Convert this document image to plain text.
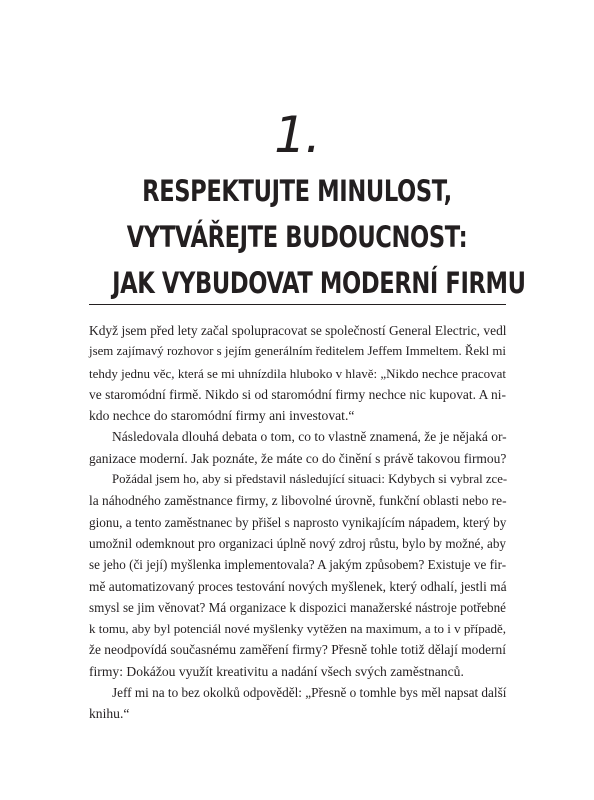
1.
RESPEKTUJTE MINULOST,
VYTVÁŘEJTE BUDOUCNOST:
JAK VYBUDOVAT MODERNÍ FIRMU
Když jsem před lety začal spolupracovat se společností General Electric, vedl
jsem zajímavý rozhovor s jejím generálním ředitelem Jeffem Immeltem. Řekl mi
tehdy jednu věc, která se mi uhnízdila hluboko v hlavě: „Nikdo nechce pracovat
ve staromódní firmě. Nikdo si od staromódní firmy nechce nic kupovat. A ni-
kdo nechce do staromódní firmy ani investovat.“
Následovala dlouhá debata o tom, co to vlastně znamená, že je nějaká or-
ganizace moderní. Jak poznáte, že máte co do činění s právě takovou firmou?
Požádal jsem ho, aby si představil následující situaci: Kdybych si vybral zce-
la náhodného zaměstnance firmy, z libovolné úrovně, funkční oblasti nebo re-
gionu, a tento zaměstnanec by přišel s naprosto vynikajícím nápadem, který by
umožnil odemknout pro organizaci úplně nový zdroj růstu, bylo by možné, aby
se jeho (či její) myšlenka implementovala? A jakým způsobem? Existuje ve fir-
mě automatizovaný proces testování nových myšlenek, který odhalí, jestli má
smysl se jim věnovat? Má organizace k dispozici manažerské nástroje potřebné
k tomu, aby byl potenciál nové myšlenky vytěžen na maximum, a to i v případě,
že neodpovídá současnému zaměření firmy? Přesně tohle totiž dělají moderní
firmy: Dokážou využít kreativitu a nadání všech svých zaměstnanců.
Jeff mi na to bez okolků odpověděl: „Přesně o tomhle bys měl napsat další
knihu.“
